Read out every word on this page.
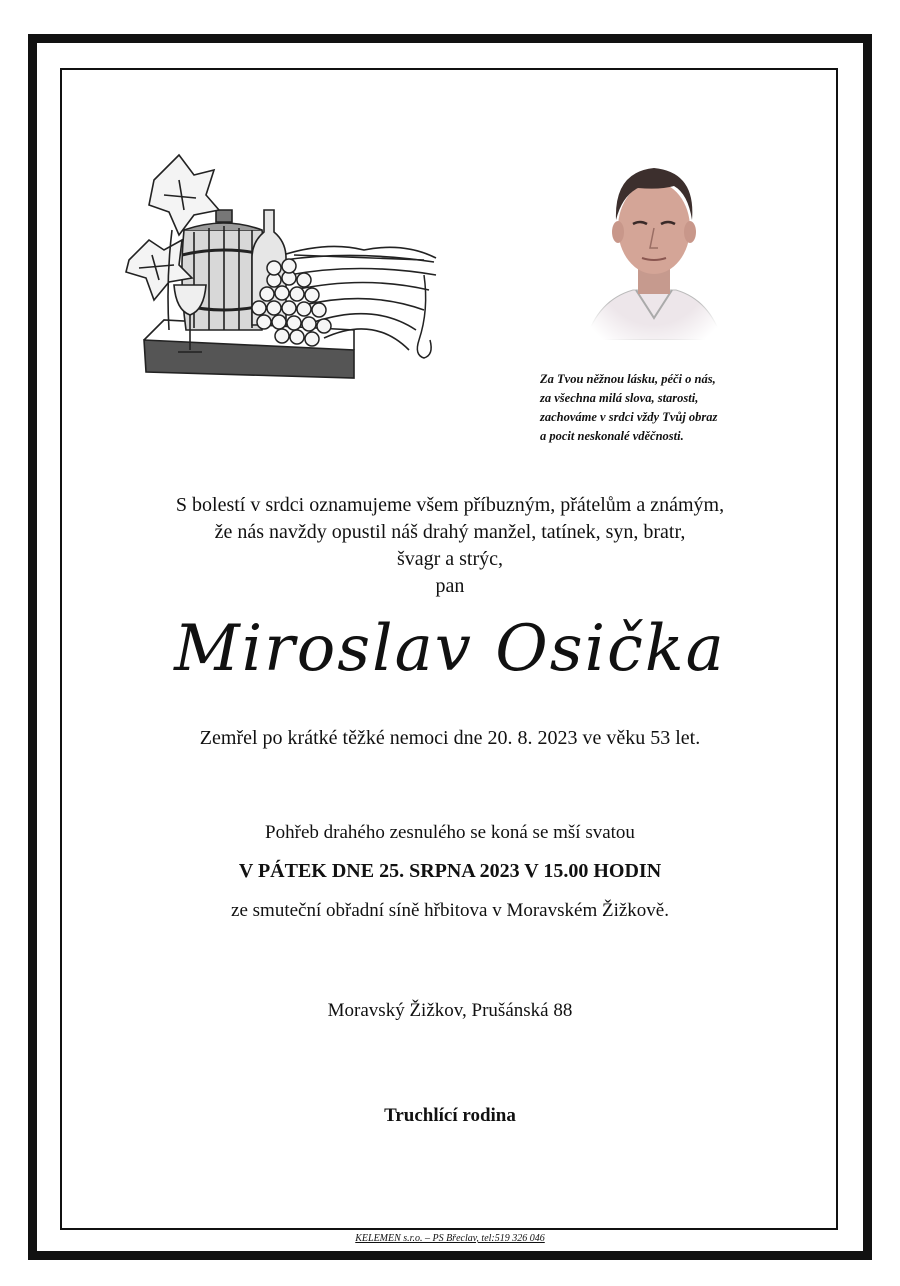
Za Tvou něžnou lásku, péči o nás,
za všechna milá slova, starosti,
zachováme v srdci vždy Tvůj obraz
a pocit neskonalé vděčnosti.
S bolestí v srdci oznamujeme všem příbuzným, přátelům a známým,
že nás navždy opustil náš drahý manžel, tatínek, syn, bratr,
švagr a strýc,
pan
Miroslav Osička
Zemřel po krátké těžké nemoci dne 20. 8. 2023 ve věku 53 let.
Pohřeb drahého zesnulého se koná se mší svatou
V PÁTEK DNE 25. SRPNA 2023 V 15.00 HODIN
ze smuteční obřadní síně hřbitova v Moravském Žižkově.
Moravský Žižkov, Prušánská 88
Truchlící rodina
KELEMEN s.r.o. – PS Břeclav, tel:519 326 046
